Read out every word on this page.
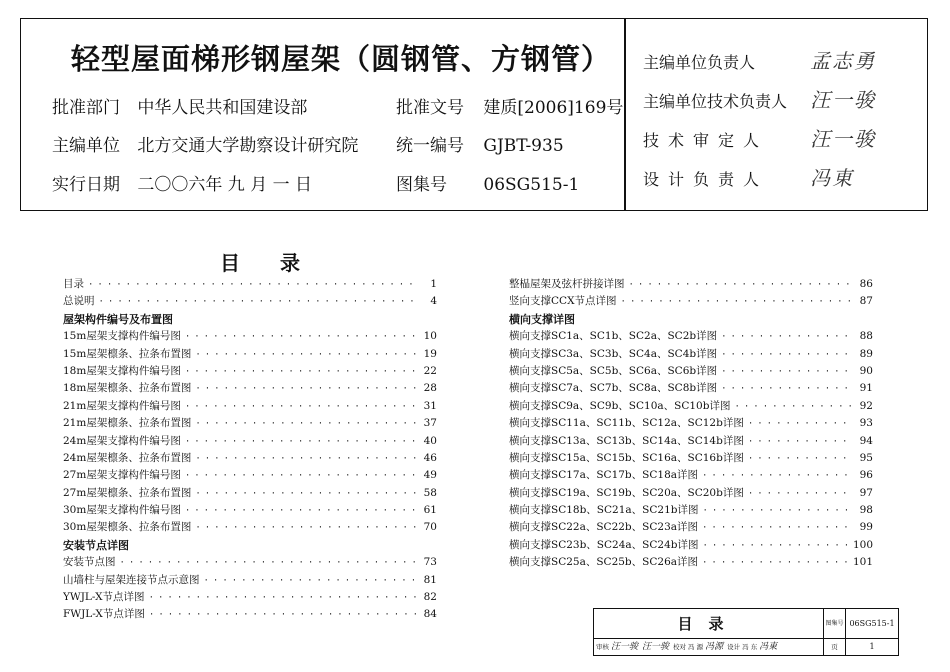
轻型屋面梯形钢屋架（圆钢管、方钢管）
批准部门 中华人民共和国建设部	批准文号 建质[2006]169号
主编单位 北方交通大学勘察设计研究院 统一编号 GJBT-935
实行日期 二〇〇六年 九 月 一 日	图集号 06SG515-1
主编单位负责人	孟志勇
主编单位技术负责人 汪一骏
技术审定人 汪一骏
设计负责人 冯東
目录
目录 ·····	1
总说明 ·····	4
屋架构件编号及布置图
15m屋架支撑构件编号图 ·····	10
15m屋架檩条、拉条布置图 ·····	19
18m屋架支撑构件编号图 ·····	22
18m屋架檩条、拉条布置图 ·····	28
21m屋架支撑构件编号图 ·····	31
21m屋架檩条、拉条布置图 ·····	37
24m屋架支撑构件编号图 ·····	40
24m屋架檩条、拉条布置图 ·····	46
27m屋架支撑构件编号图 ·····	49
27m屋架檩条、拉条布置图 ·····	58
30m屋架支撑构件编号图 ·····	61
30m屋架檩条、拉条布置图 ·····	70
安装节点详图
安装节点图 ·····	73
山墙柱与屋架连接节点示意图 ·····	81
YWJL-X节点详图 ·····	82
FWJL-X节点详图 ·····	84
整榀屋架及弦杆拼接详图 ·····	86
竖向支撑CCX节点详图 ·····	87
横向支撑详图
横向支撑SC1a、SC1b、SC2a、SC2b详图 ·····	88
横向支撑SC3a、SC3b、SC4a、SC4b详图 ·····	89
横向支撑SC5a、SC5b、SC6a、SC6b详图 ·····	90
横向支撑SC7a、SC7b、SC8a、SC8b详图 ·····	91
横向支撑SC9a、SC9b、SC10a、SC10b详图 ·····	92
横向支撑SC11a、SC11b、SC12a、SC12b详图 ·····	93
横向支撑SC13a、SC13b、SC14a、SC14b详图 ·····	94
横向支撑SC15a、SC15b、SC16a、SC16b详图 ·····	95
横向支撑SC17a、SC17b、SC18a详图 ·····	96
横向支撑SC19a、SC19b、SC20a、SC20b详图 ·····	97
横向支撑SC18b、SC21a、SC21b详图 ·····	98
横向支撑SC22a、SC22b、SC23a详图 ·····	99
横向支撑SC23b、SC24a、SC24b详图 ·····	100
横向支撑SC25a、SC25b、SC26a详图 ·····	101
目录	图集号 06SG515-1
审核 汪一骏 汪一骏 校对 冯 源 冯源 设计 冯 东 冯東	页	1
